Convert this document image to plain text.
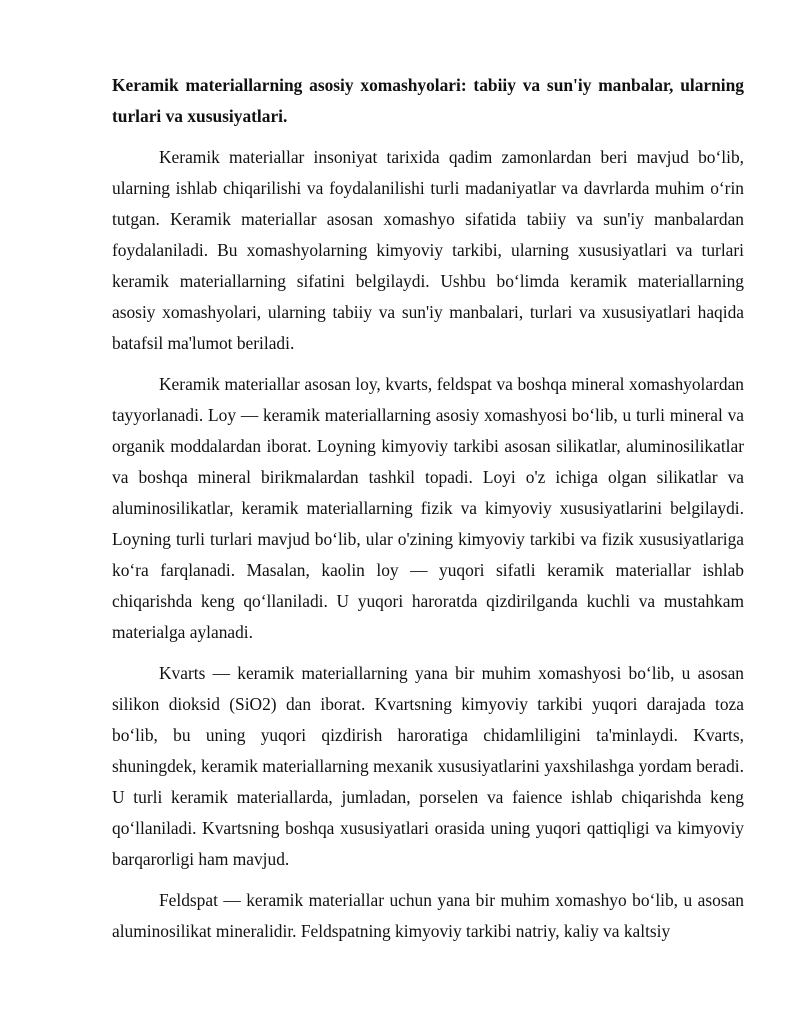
Keramik materiallarning asosiy xomashyolari: tabiiy va sun'iy manbalar, ularning turlari va xususiyatlari.

Keramik materiallar insoniyat tarixida qadim zamonlardan beri mavjud bo‘lib, ularning ishlab chiqarilishi va foydalanilishi turli madaniyatlar va davrlarda muhim o‘rin tutgan. Keramik materiallar asosan xomashyo sifatida tabiiy va sun'iy manbalardan foydalaniladi. Bu xomashyolarning kimyoviy tarkibi, ularning xususiyatlari va turlari keramik materiallarning sifatini belgilaydi. Ushbu bo‘limda keramik materiallarning asosiy xomashyolari, ularning tabiiy va sun'iy manbalari, turlari va xususiyatlari haqida batafsil ma'lumot beriladi.

Keramik materiallar asosan loy, kvarts, feldspat va boshqa mineral xomashyolardan tayyorlanadi. Loy — keramik materiallarning asosiy xomashyosi bo‘lib, u turli mineral va organik moddalardan iborat. Loyning kimyoviy tarkibi asosan silikatlar, aluminosilikatlar va boshqa mineral birikmalardan tashkil topadi. Loyi o'z ichiga olgan silikatlar va aluminosilikatlar, keramik materiallarning fizik va kimyoviy xususiyatlarini belgilaydi. Loyning turli turlari mavjud bo‘lib, ular o'zining kimyoviy tarkibi va fizik xususiyatlariga ko‘ra farqlanadi. Masalan, kaolin loy — yuqori sifatli keramik materiallar ishlab chiqarishda keng qo‘llaniladi. U yuqori haroratda qizdirilganda kuchli va mustahkam materialga aylanadi.

Kvarts — keramik materiallarning yana bir muhim xomashyosi bo‘lib, u asosan silikon dioksid (SiO2) dan iborat. Kvartsning kimyoviy tarkibi yuqori darajada toza bo‘lib, bu uning yuqori qizdirish haroratiga chidamliligini ta'minlaydi. Kvarts, shuningdek, keramik materiallarning mexanik xususiyatlarini yaxshilashga yordam beradi. U turli keramik materiallarda, jumladan, porselen va faience ishlab chiqarishda keng qo‘llaniladi. Kvartsning boshqa xususiyatlari orasida uning yuqori qattiqligi va kimyoviy barqarorligi ham mavjud.

Feldspat — keramik materiallar uchun yana bir muhim xomashyo bo‘lib, u asosan aluminosilikat mineralidir. Feldspatning kimyoviy tarkibi natriy, kaliy va kaltsiy
